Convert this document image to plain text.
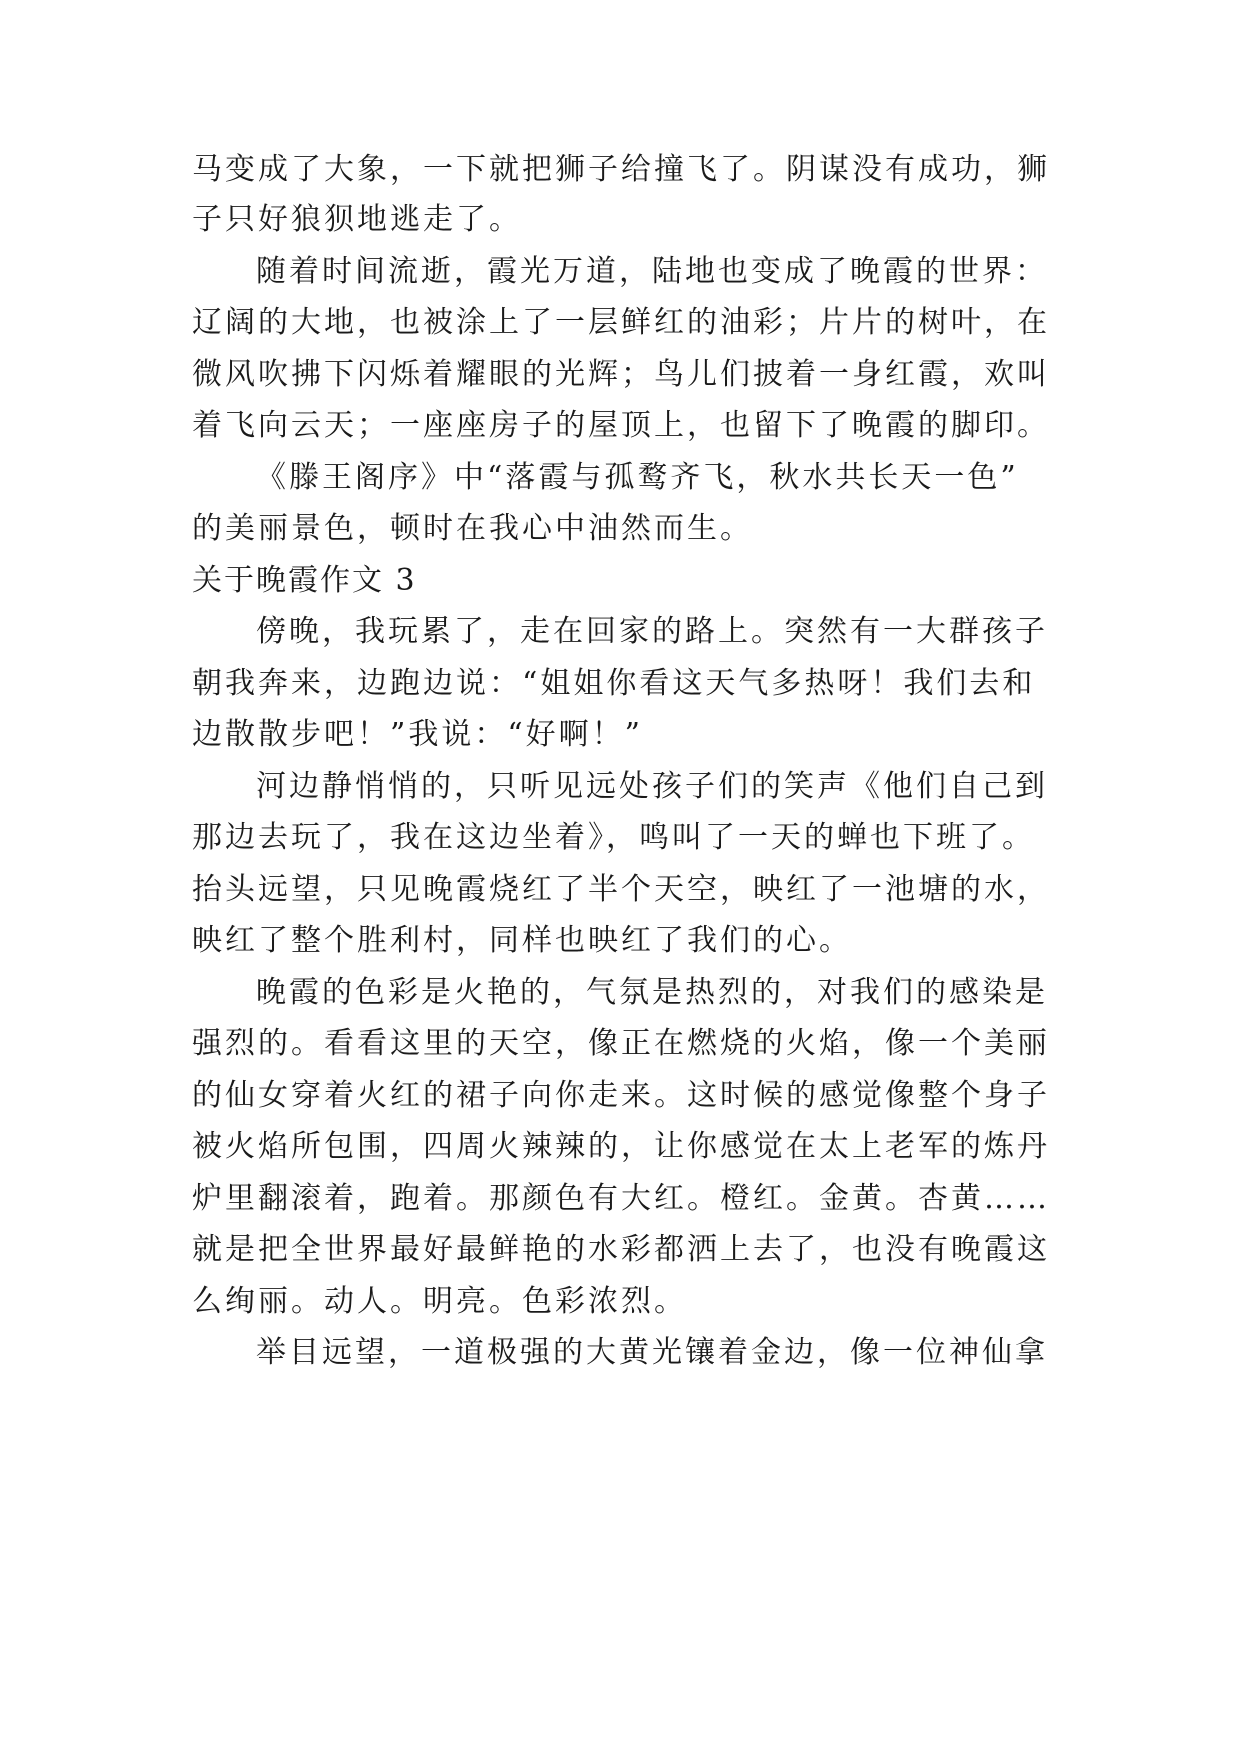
马变成了大象，一下就把狮子给撞飞了。阴谋没有成功，狮
子只好狼狈地逃走了。
随着时间流逝，霞光万道，陆地也变成了晚霞的世界：
辽阔的大地，也被涂上了一层鲜红的油彩；片片的树叶，在
微风吹拂下闪烁着耀眼的光辉；鸟儿们披着一身红霞，欢叫
着飞向云天；一座座房子的屋顶上，也留下了晚霞的脚印。
《滕王阁序》中“落霞与孤鹜齐飞，秋水共长天一色”
的美丽景色，顿时在我心中油然而生。
关于晚霞作文 3
傍晚，我玩累了，走在回家的路上。突然有一大群孩子
朝我奔来，边跑边说：“姐姐你看这天气多热呀！我们去和
边散散步吧！”我说：“好啊！”
河边静悄悄的，只听见远处孩子们的笑声《他们自己到
那边去玩了，我在这边坐着》，鸣叫了一天的蝉也下班了。
抬头远望，只见晚霞烧红了半个天空，映红了一池塘的水，
映红了整个胜利村，同样也映红了我们的心。
晚霞的色彩是火艳的，气氛是热烈的，对我们的感染是
强烈的。看看这里的天空，像正在燃烧的火焰，像一个美丽
的仙女穿着火红的裙子向你走来。这时候的感觉像整个身子
被火焰所包围，四周火辣辣的，让你感觉在太上老军的炼丹
炉里翻滚着，跑着。那颜色有大红。橙红。金黄。杏黄……
就是把全世界最好最鲜艳的水彩都洒上去了，也没有晚霞这
么绚丽。动人。明亮。色彩浓烈。
举目远望，一道极强的大黄光镶着金边，像一位神仙拿
